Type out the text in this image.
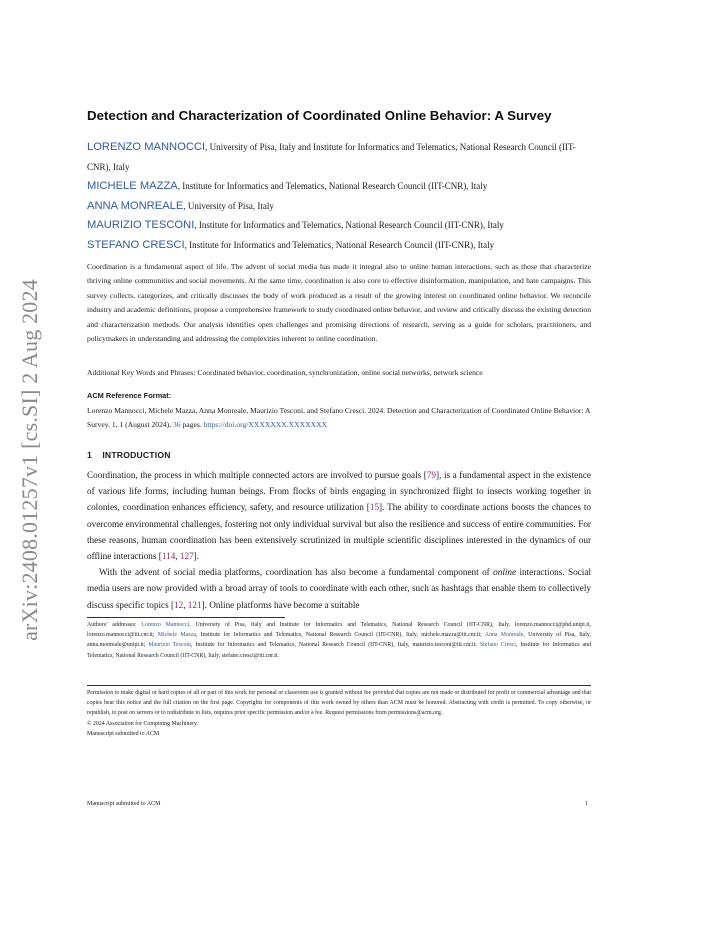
arXiv:2408.01257v1 [cs.SI] 2 Aug 2024
Detection and Characterization of Coordinated Online Behavior: A Survey

LORENZO MANNOCCI, University of Pisa, Italy and Institute for Informatics and Telematics, National Research Council (IIT-CNR), Italy

MICHELE MAZZA, Institute for Informatics and Telematics, National Research Council (IIT-CNR), Italy

ANNA MONREALE, University of Pisa, Italy

MAURIZIO TESCONI, Institute for Informatics and Telematics, National Research Council (IIT-CNR), Italy

STEFANO CRESCI, Institute for Informatics and Telematics, National Research Council (IIT-CNR), Italy

Coordination is a fundamental aspect of life. The advent of social media has made it integral also to online human interactions, such as those that characterize thriving online communities and social movements. At the same time, coordination is also core to effective disinformation, manipulation, and hate campaigns. This survey collects, categorizes, and critically discusses the body of work produced as a result of the growing interest on coordinated online behavior. We reconcile industry and academic definitions, propose a comprehensive framework to study coordinated online behavior, and review and critically discuss the existing detection and characterization methods. Our analysis identifies open challenges and promising directions of research, serving as a guide for scholars, practitioners, and policymakers in understanding and addressing the complexities inherent to online coordination.
Additional Key Words and Phrases: Coordinated behavior, coordination, synchronization, online social networks, network science
ACM Reference Format:
Lorenzo Mannocci, Michele Mazza, Anna Monreale, Maurizio Tesconi, and Stefano Cresci. 2024. Detection and Characterization of Coordinated Online Behavior: A Survey. 1, 1 (August 2024), 36 pages. https://doi.org/XXXXXXX.XXXXXXX
1 INTRODUCTION

Coordination, the process in which multiple connected actors are involved to pursue goals [79], is a fundamental aspect in the existence of various life forms, including human beings. From flocks of birds engaging in synchronized flight to insects working together in colonies, coordination enhances efficiency, safety, and resource utilization [15]. The ability to coordinate actions boosts the chances to overcome environmental challenges, fostering not only individual survival but also the resilience and success of entire communities. For these reasons, human coordination has been extensively scrutinized in multiple scientific disciplines interested in the dynamics of our offline interactions [114, 127].

With the advent of social media platforms, coordination has also become a fundamental component of online interactions. Social media users are now provided with a broad array of tools to coordinate with each other, such as hashtags that enable them to collectively discuss specific topics [12, 121]. Online platforms have become a suitable

Authors’ addresses: Lorenzo Mannocci, University of Pisa, Italy and Institute for Informatics and Telematics, National Research Council (IIT-CNR), Italy, lorenzo.mannocci@phd.unipi.it, lorenzo.mannocci@iit.cnr.it; Michele Mazza, Institute for Informatics and Telematics, National Research Council (IIT-CNR), Italy, michele.mazza@iit.cnr.it; Anna Monreale, University of Pisa, Italy, anna.monreale@unipi.it; Maurizio Tesconi, Institute for Informatics and Telematics, National Research Council (IIT-CNR), Italy, maurizio.tesconi@iit.cnr.it; Stefano Cresci, Institute for Informatics and Telematics, National Research Council (IIT-CNR), Italy, stefano.cresci@iit.cnr.it.

Permission to make digital or hard copies of all or part of this work for personal or classroom use is granted without fee provided that copies are not made or distributed for profit or commercial advantage and that copies bear this notice and the full citation on the first page. Copyrights for components of this work owned by others than ACM must be honored. Abstracting with credit is permitted. To copy otherwise, or republish, to post on servers or to redistribute to lists, requires prior specific permission and/or a fee. Request permissions from permissions@acm.org.

© 2024 Association for Computing Machinery.

Manuscript submitted to ACM

Manuscript submitted to ACM	1
